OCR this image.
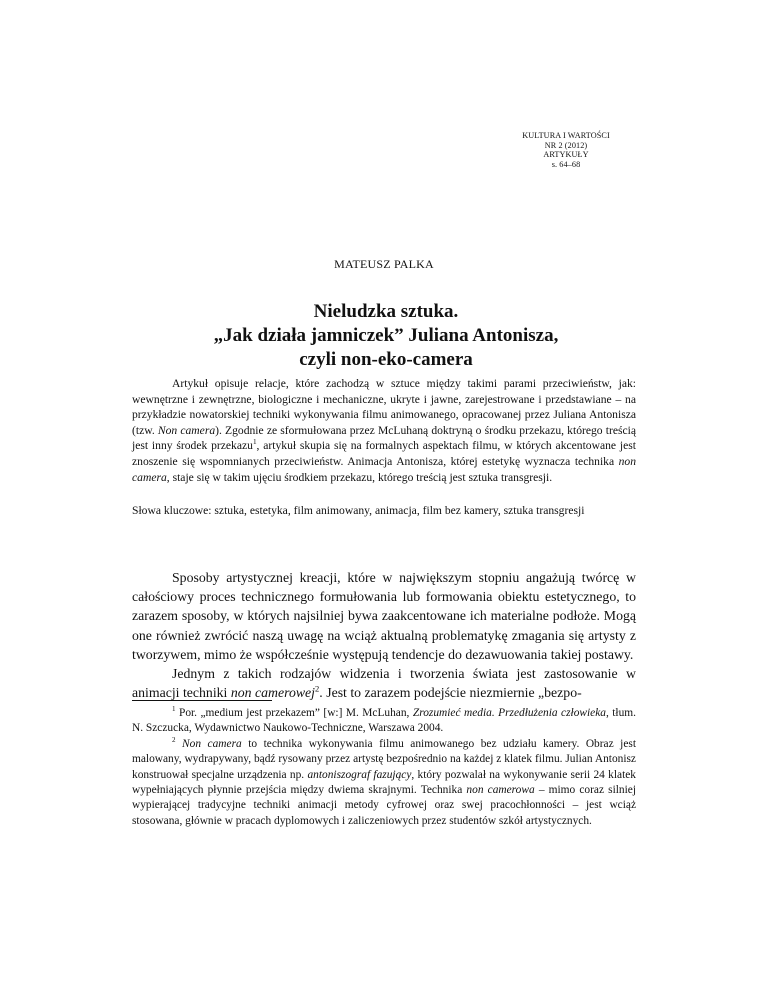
KULTURA I WARTOŚCI
NR 2 (2012)
ARTYKUŁY
s. 64–68
MATEUSZ PALKA
Nieludzka sztuka.
„Jak działa jamniczek” Juliana Antonisza,
czyli non-eko-camera

Artykuł opisuje relacje, które zachodzą w sztuce między takimi parami przeciwieństw, jak: wewnętrzne i zewnętrzne, biologiczne i mechaniczne, ukryte i jawne, zarejestrowane i przedstawiane – na przykładzie nowatorskiej techniki wykonywania filmu animowanego, opracowanej przez Juliana Antonisza (tzw. Non camera). Zgodnie ze sformułowana przez McLuhaną doktryną o środku przekazu, którego treścią jest inny środek przekazu$^1$, artykuł skupia się na formalnych aspektach filmu, w których akcentowane jest znoszenie się wspomnianych przeciwieństw. Animacja Antonisza, której estetykę wyznacza technika non camera, staje się w takim ujęciu środkiem przekazu, którego treścią jest sztuka transgresji.

Słowa kluczowe: sztuka, estetyka, film animowany, animacja, film bez kamery, sztuka transgresji

Sposoby artystycznej kreacji, które w największym stopniu angażują twórcę w całościowy proces technicznego formułowania lub formowania obiektu estetycznego, to zarazem sposoby, w których najsilniej bywa zaakcentowane ich materialne podłoże. Mogą one również zwrócić naszą uwagę na wciąż aktualną problematykę zmagania się artysty z tworzywem, mimo że współcześnie występują tendencje do dezawuowania takiej postawy.

Jednym z takich rodzajów widzenia i tworzenia świata jest zastosowanie w animacji techniki non camerowej$^2$. Jest to zarazem podejście niezmiernie „bezpo-

$^1$ Por. „medium jest przekazem” [w:] M. McLuhan, Zrozumieć media. Przedłużenia człowieka, tłum. N. Szczucka, Wydawnictwo Naukowo-Techniczne, Warszawa 2004.

$^2$ Non camera to technika wykonywania filmu animowanego bez udziału kamery. Obraz jest malowany, wydrapywany, bądź rysowany przez artystę bezpośrednio na każdej z klatek filmu. Julian Antonisz konstruował specjalne urządzenia np. antoniszograf fazujący, który pozwalał na wykonywanie serii 24 klatek wypełniających płynnie przejścia między dwiema skrajnymi. Technika non camerowa – mimo coraz silniej wypierającej tradycyjne techniki animacji metody cyfrowej oraz swej pracochłonności – jest wciąż stosowana, głównie w pracach dyplomowych i zaliczeniowych przez studentów szkół artystycznych.
